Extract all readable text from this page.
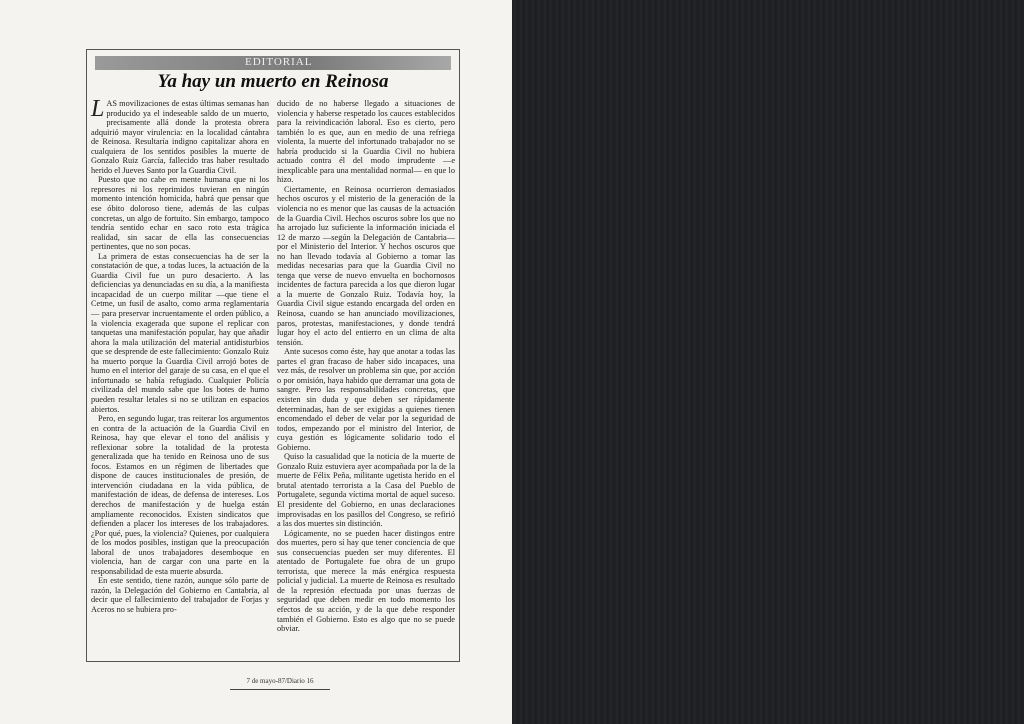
EDITORIAL
Ya hay un muerto en Reinosa

LAS movilizaciones de estas últimas semanas han producido ya el indeseable saldo de un muerto, precisamente allá donde la protesta obrera adquirió mayor virulencia: en la localidad cántabra de Reinosa. Resultaría indigno capitalizar ahora en cualquiera de los sentidos posibles la muerte de Gonzalo Ruiz García, fallecido tras haber resultado herido el Jueves Santo por la Guardia Civil.

Puesto que no cabe en mente humana que ni los represores ni los reprimidos tuvieran en ningún momento intención homicida, habrá que pensar que ese óbito doloroso tiene, además de las culpas concretas, un algo de fortuito. Sin embargo, tampoco tendría sentido echar en saco roto esta trágica realidad, sin sacar de ella las consecuencias pertinentes, que no son pocas.

La primera de estas consecuencias ha de ser la constatación de que, a todas luces, la actuación de la Guardia Civil fue un puro desacierto. A las deficiencias ya denunciadas en su día, a la manifiesta incapacidad de un cuerpo militar —que tiene el Cetme, un fusil de asalto, como arma reglamentaria— para preservar incruentamente el orden público, a la violencia exagerada que supone el replicar con tanquetas una manifestación popular, hay que añadir ahora la mala utilización del material antidisturbios que se desprende de este fallecimiento: Gonzalo Ruiz ha muerto porque la Guardia Civil arrojó botes de humo en el interior del garaje de su casa, en el que el infortunado se había refugiado. Cualquier Policía civilizada del mundo sabe que los botes de humo pueden resultar letales si no se utilizan en espacios abiertos.

Pero, en segundo lugar, tras reiterar los argumentos en contra de la actuación de la Guardia Civil en Reinosa, hay que elevar el tono del análisis y reflexionar sobre la totalidad de la protesta generalizada que ha tenido en Reinosa uno de sus focos. Estamos en un régimen de libertades que dispone de cauces institucionales de presión, de intervención ciudadana en la vida pública, de manifestación de ideas, de defensa de intereses. Los derechos de manifestación y de huelga están ampliamente reconocidos. Existen sindicatos que defienden a placer los intereses de los trabajadores. ¿Por qué, pues, la violencia? Quienes, por cualquiera de los modos posibles, instigan que la preocupación laboral de unos trabajadores desemboque en violencia, han de cargar con una parte en la responsabilidad de esta muerte absurda.

En este sentido, tiene razón, aunque sólo parte de razón, la Delegación del Gobierno en Cantabria, al decir que el fallecimiento del trabajador de Forjas y Aceros no se hubiera pro-

ducido de no haberse llegado a situaciones de violencia y haberse respetado los cauces establecidos para la reivindicación laboral. Eso es cierto, pero también lo es que, aun en medio de una refriega violenta, la muerte del infortunado trabajador no se habría producido si la Guardia Civil no hubiera actuado contra él del modo imprudente —e inexplicable para una mentalidad normal— en que lo hizo.

Ciertamente, en Reinosa ocurrieron demasiados hechos oscuros y el misterio de la generación de la violencia no es menor que las causas de la actuación de la Guardia Civil. Hechos oscuros sobre los que no ha arrojado luz suficiente la información iniciada el 12 de marzo —según la Delegación de Cantabria— por el Ministerio del Interior. Y hechos oscuros que no han llevado todavía al Gobierno a tomar las medidas necesarias para que la Guardia Civil no tenga que verse de nuevo envuelta en bochornosos incidentes de factura parecida a los que dieron lugar a la muerte de Gonzalo Ruiz. Todavía hoy, la Guardia Civil sigue estando encargada del orden en Reinosa, cuando se han anunciado movilizaciones, paros, protestas, manifestaciones, y donde tendrá lugar hoy el acto del entierro en un clima de alta tensión.

Ante sucesos como éste, hay que anotar a todas las partes el gran fracaso de haber sido incapaces, una vez más, de resolver un problema sin que, por acción o por omisión, haya habido que derramar una gota de sangre. Pero las responsabilidades concretas, que existen sin duda y que deben ser rápidamente determinadas, han de ser exigidas a quienes tienen encomendado el deber de velar por la seguridad de todos, empezando por el ministro del Interior, de cuya gestión es lógicamente solidario todo el Gobierno.

Quiso la casualidad que la noticia de la muerte de Gonzalo Ruiz estuviera ayer acompañada por la de la muerte de Félix Peña, militante ugetista herido en el brutal atentado terrorista a la Casa del Pueblo de Portugalete, segunda víctima mortal de aquel suceso. El presidente del Gobierno, en unas declaraciones improvisadas en los pasillos del Congreso, se refirió a las dos muertes sin distinción.

Lógicamente, no se pueden hacer distingos entre dos muertes, pero sí hay que tener conciencia de que sus consecuencias pueden ser muy diferentes. El atentado de Portugalete fue obra de un grupo terrorista, que merece la más enérgica respuesta policial y judicial. La muerte de Reinosa es resultado de la represión efectuada por unas fuerzas de seguridad que deben medir en todo momento los efectos de su acción, y de la que debe responder también el Gobierno. Esto es algo que no se puede obviar.

7 de mayo-87/Diario 16
